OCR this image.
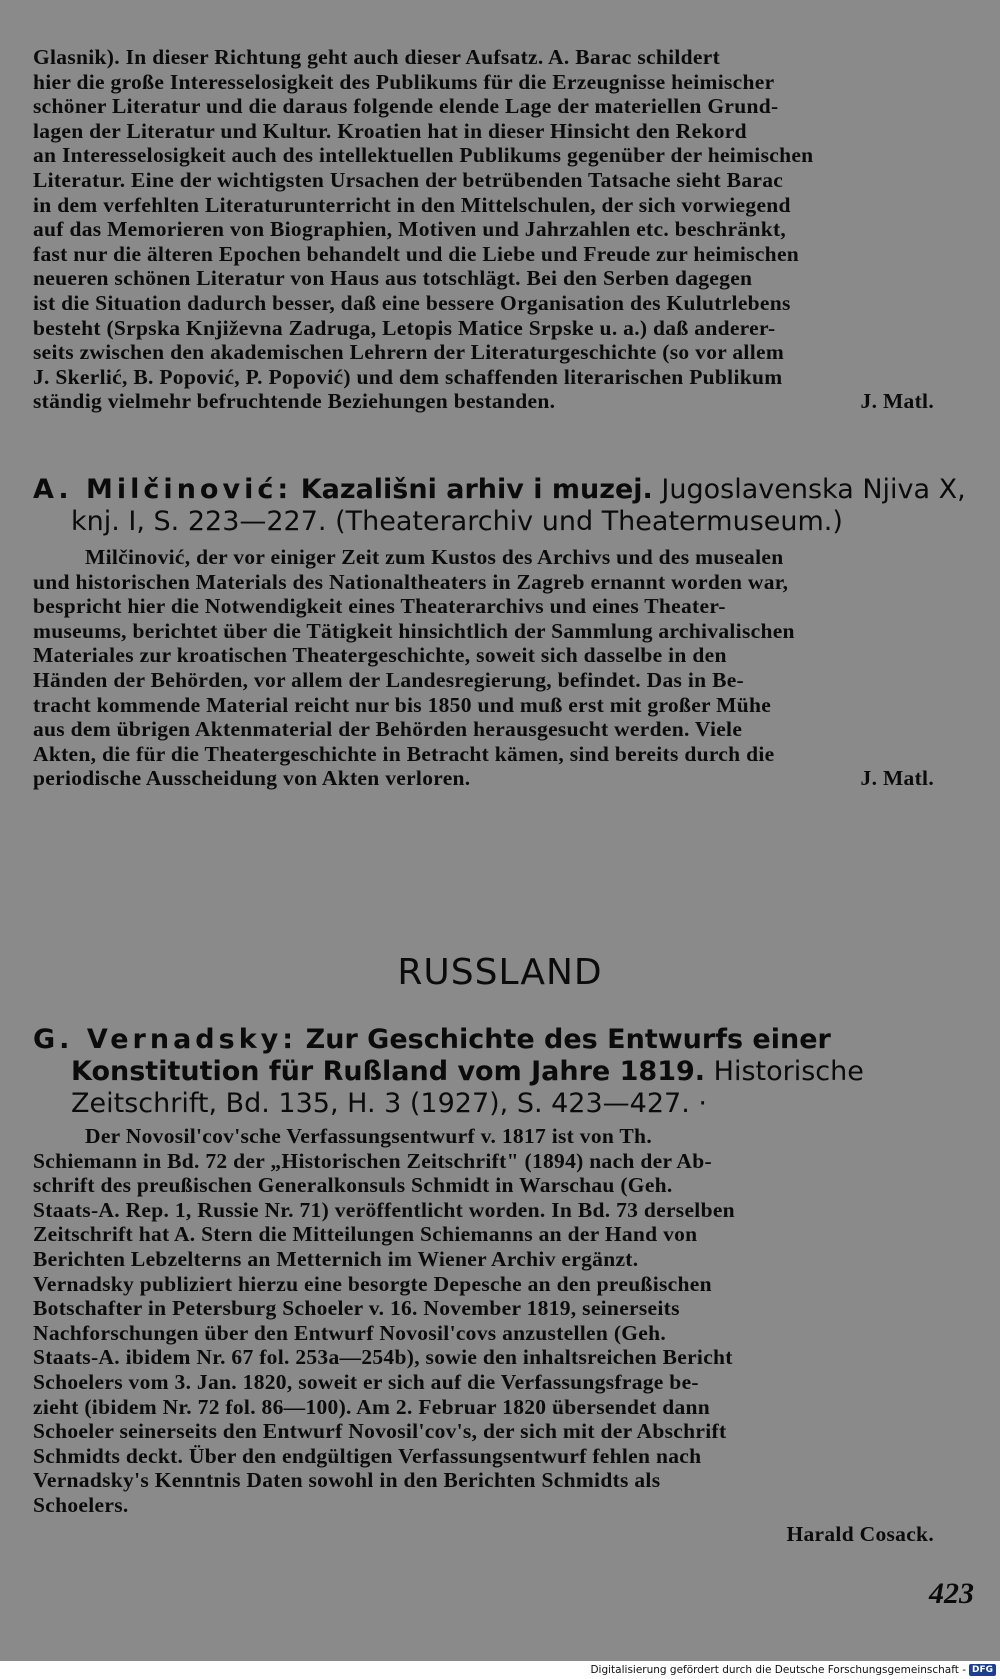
Glasnik). In dieser Richtung geht auch dieser Aufsatz. A. Barac schildert

hier die große Interesselosigkeit des Publikums für die Erzeugnisse heimischer

schöner Literatur und die daraus folgende elende Lage der materiellen Grund-

lagen der Literatur und Kultur. Kroatien hat in dieser Hinsicht den Rekord

an Interesselosigkeit auch des intellektuellen Publikums gegenüber der heimischen

Literatur. Eine der wichtigsten Ursachen der betrübenden Tatsache sieht Barac

in dem verfehlten Literaturunterricht in den Mittelschulen, der sich vorwiegend

auf das Memorieren von Biographien, Motiven und Jahrzahlen etc. beschränkt,

fast nur die älteren Epochen behandelt und die Liebe und Freude zur heimischen

neueren schönen Literatur von Haus aus totschlägt. Bei den Serben dagegen

ist die Situation dadurch besser, daß eine bessere Organisation des Kulutrlebens

besteht (Srpska Književna Zadruga, Letopis Matice Srpske u. a.) daß anderer-

seits zwischen den akademischen Lehrern der Literaturgeschichte (so vor allem

J. Skerlić, B. Popović, P. Popović) und dem schaffenden literarischen Publikum

ständig vielmehr befruchtende Beziehungen bestanden.	J. Matl.
A. Milčinović: Kazališni arhiv i muzej. Jugoslavenska Njiva X, knj. I, S. 223—227. (Theaterarchiv und Theatermuseum.)

Milčinović, der vor einiger Zeit zum Kustos des Archivs und des musealen

und historischen Materials des Nationaltheaters in Zagreb ernannt worden war,

bespricht hier die Notwendigkeit eines Theaterarchivs und eines Theater-

museums, berichtet über die Tätigkeit hinsichtlich der Sammlung archivalischen

Materiales zur kroatischen Theatergeschichte, soweit sich dasselbe in den

Händen der Behörden, vor allem der Landesregierung, befindet. Das in Be-

tracht kommende Material reicht nur bis 1850 und muß erst mit großer Mühe

aus dem übrigen Aktenmaterial der Behörden herausgesucht werden. Viele

Akten, die für die Theatergeschichte in Betracht kämen, sind bereits durch die

periodische Ausscheidung von Akten verloren.	J. Matl.
RUSSLAND
G. Vernadsky: Zur Geschichte des Entwurfs einer Konstitution für Rußland vom Jahre 1819. Historische Zeitschrift, Bd. 135, H. 3 (1927), S. 423—427. ·

Der Novosil'cov'sche Verfassungsentwurf v. 1817 ist von Th.

Schiemann in Bd. 72 der „Historischen Zeitschrift" (1894) nach der Ab-

schrift des preußischen Generalkonsuls Schmidt in Warschau (Geh.

Staats-A. Rep. 1, Russie Nr. 71) veröffentlicht worden. In Bd. 73 derselben

Zeitschrift hat A. Stern die Mitteilungen Schiemanns an der Hand von

Berichten Lebzelterns an Metternich im Wiener Archiv ergänzt.

Vernadsky publiziert hierzu eine besorgte Depesche an den preußischen

Botschafter in Petersburg Schoeler v. 16. November 1819, seinerseits

Nachforschungen über den Entwurf Novosil'covs anzustellen (Geh.

Staats-A. ibidem Nr. 67 fol. 253a—254b), sowie den inhaltsreichen Bericht

Schoelers vom 3. Jan. 1820, soweit er sich auf die Verfassungsfrage be-

zieht (ibidem Nr. 72 fol. 86—100). Am 2. Februar 1820 übersendet dann

Schoeler seinerseits den Entwurf Novosil'cov's, der sich mit der Abschrift

Schmidts deckt. Über den endgültigen Verfassungsentwurf fehlen nach

Vernadsky's Kenntnis Daten sowohl in den Berichten Schmidts als

Schoelers.

Harald Cosack.
423
Digitalisierung gefördert durch die Deutsche Forschungsgemeinschaft - DFG
